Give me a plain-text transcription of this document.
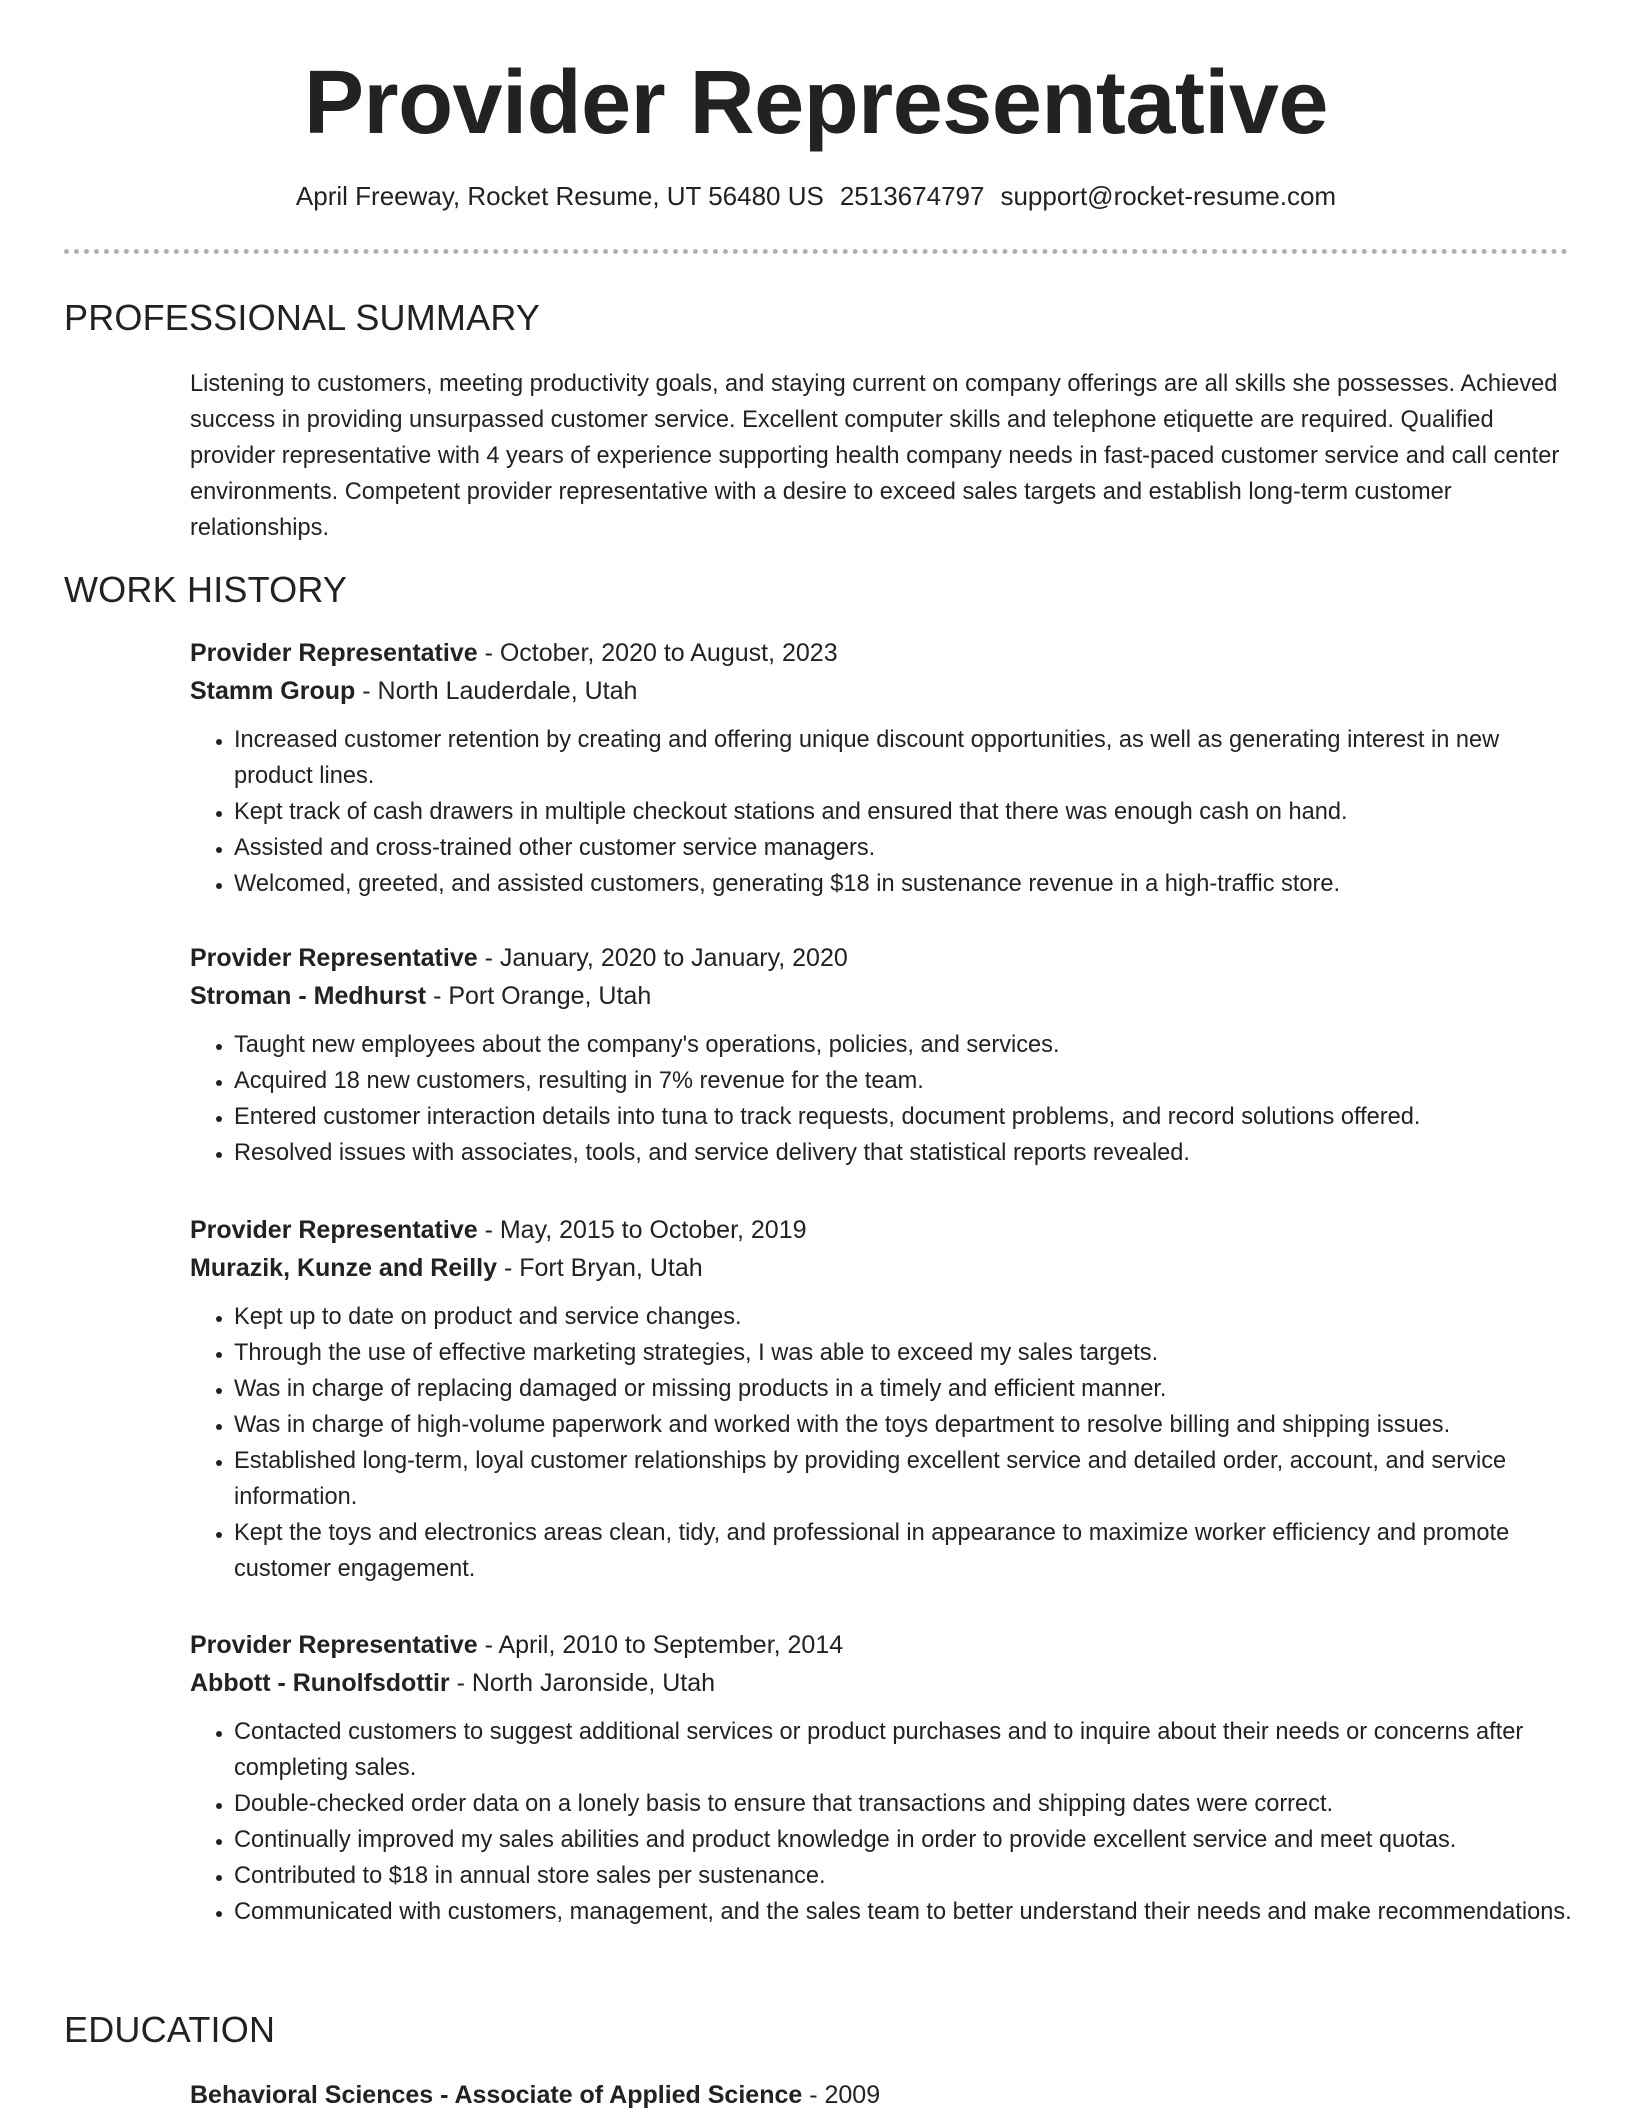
Provider Representative
April Freeway, Rocket Resume, UT 56480 US 2513674797 support@rocket-resume.com
PROFESSIONAL SUMMARY
Listening to customers, meeting productivity goals, and staying current on company offerings are all skills she possesses. Achieved success in providing unsurpassed customer service. Excellent computer skills and telephone etiquette are required. Qualified provider representative with 4 years of experience supporting health company needs in fast-paced customer service and call center environments. Competent provider representative with a desire to exceed sales targets and establish long-term customer relationships.
WORK HISTORY
Provider Representative - October, 2020 to August, 2023
Stamm Group - North Lauderdale, Utah
• Increased customer retention by creating and offering unique discount opportunities, as well as generating interest in new product lines.
• Kept track of cash drawers in multiple checkout stations and ensured that there was enough cash on hand.
• Assisted and cross-trained other customer service managers.
• Welcomed, greeted, and assisted customers, generating $18 in sustenance revenue in a high-traffic store.
Provider Representative - January, 2020 to January, 2020
Stroman - Medhurst - Port Orange, Utah
• Taught new employees about the company's operations, policies, and services.
• Acquired 18 new customers, resulting in 7% revenue for the team.
• Entered customer interaction details into tuna to track requests, document problems, and record solutions offered.
• Resolved issues with associates, tools, and service delivery that statistical reports revealed.
Provider Representative - May, 2015 to October, 2019
Murazik, Kunze and Reilly - Fort Bryan, Utah
• Kept up to date on product and service changes.
• Through the use of effective marketing strategies, I was able to exceed my sales targets.
• Was in charge of replacing damaged or missing products in a timely and efficient manner.
• Was in charge of high-volume paperwork and worked with the toys department to resolve billing and shipping issues.
• Established long-term, loyal customer relationships by providing excellent service and detailed order, account, and service information.
• Kept the toys and electronics areas clean, tidy, and professional in appearance to maximize worker efficiency and promote customer engagement.
Provider Representative - April, 2010 to September, 2014
Abbott - Runolfsdottir - North Jaronside, Utah
• Contacted customers to suggest additional services or product purchases and to inquire about their needs or concerns after completing sales.
• Double-checked order data on a lonely basis to ensure that transactions and shipping dates were correct.
• Continually improved my sales abilities and product knowledge in order to provide excellent service and meet quotas.
• Contributed to $18 in annual store sales per sustenance.
• Communicated with customers, management, and the sales team to better understand their needs and make recommendations.
EDUCATION
Behavioral Sciences - Associate of Applied Science - 2009
